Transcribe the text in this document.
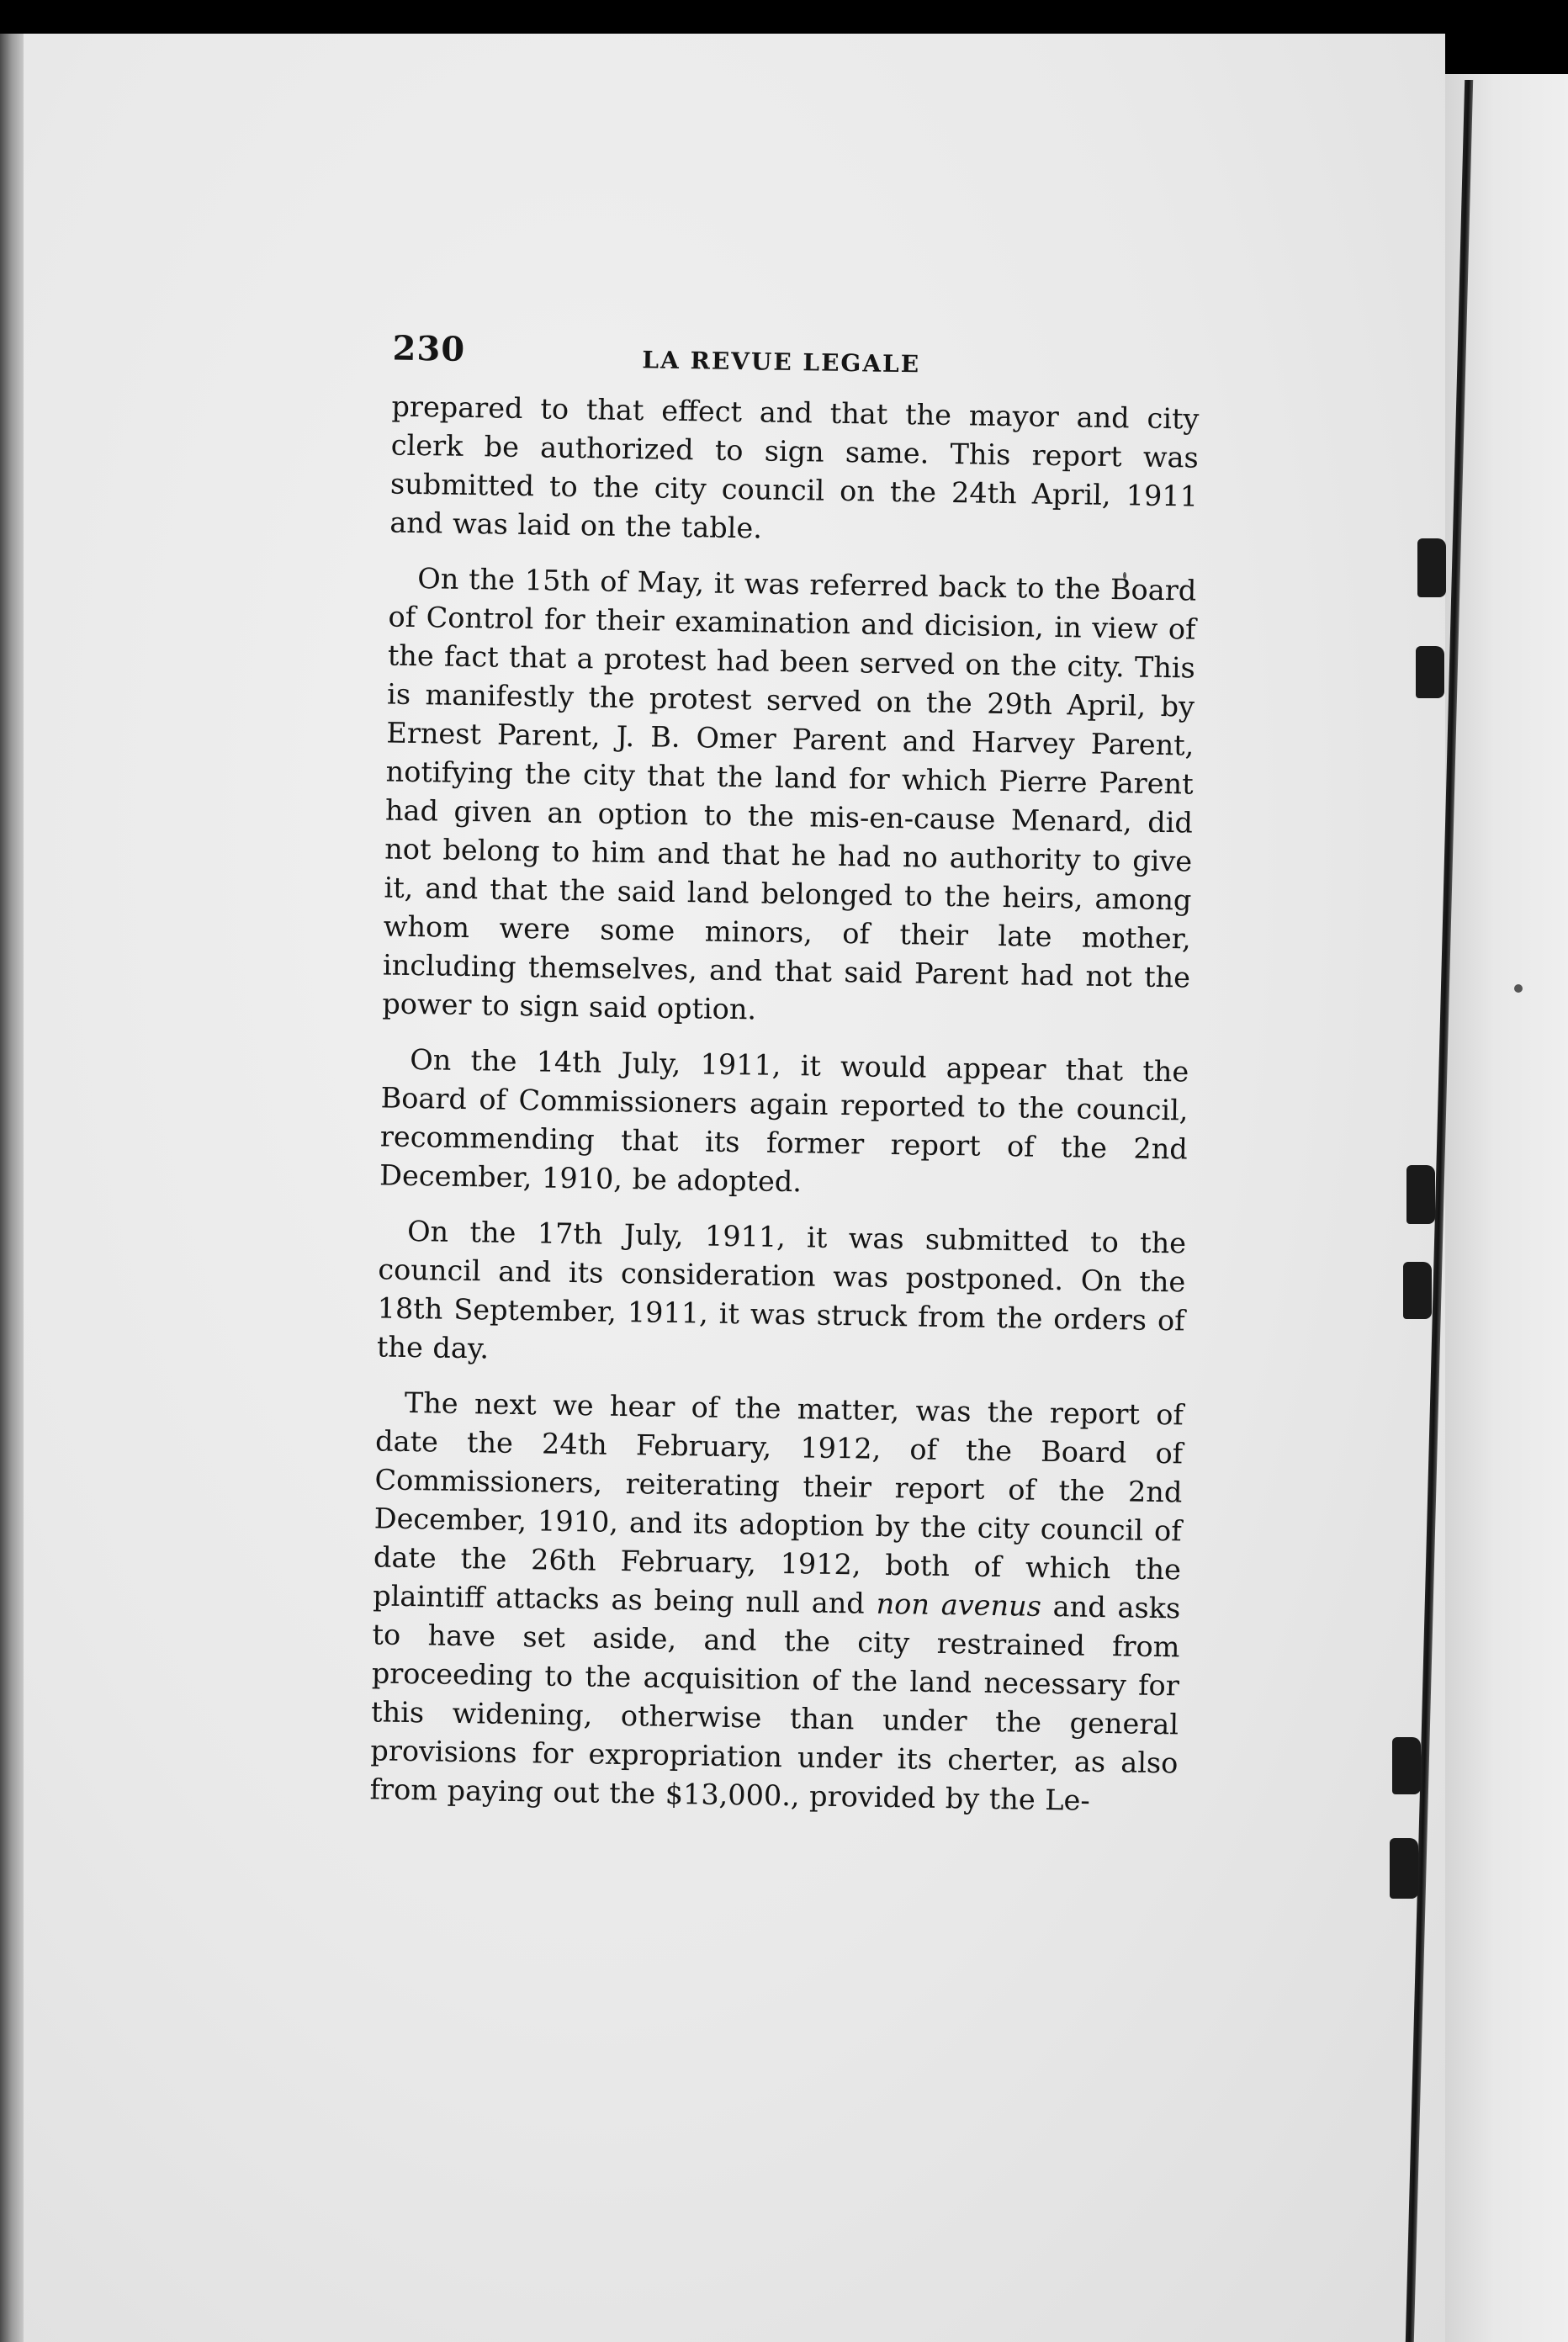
230	LA REVUE LEGALE

prepared to that effect and that the mayor and city clerk be authorized to sign same. This report was submitted to the city council on the 24th April, 1911 and was laid on the table.

On the 15th of May, it was referred back to the Board of Control for their examination and dicision, in view of the fact that a protest had been served on the city. This is manifestly the protest served on the 29th April, by Ernest Parent, J. B. Omer Parent and Harvey Parent, notifying the city that the land for which Pierre Parent had given an option to the mis-en-cause Menard, did not belong to him and that he had no authority to give it, and that the said land belonged to the heirs, among whom were some minors, of their late mother, including themselves, and that said Parent had not the power to sign said option.

On the 14th July, 1911, it would appear that the Board of Commissioners again reported to the council, recommending that its former report of the 2nd December, 1910, be adopted.

On the 17th July, 1911, it was submitted to the council and its consideration was postponed. On the 18th September, 1911, it was struck from the orders of the day.

The next we hear of the matter, was the report of date the 24th February, 1912, of the Board of Commissioners, reiterating their report of the 2nd December, 1910, and its adoption by the city council of date the 26th February, 1912, both of which the plaintiff attacks as being null and non avenus and asks to have set aside, and the city restrained from proceeding to the acquisition of the land necessary for this widening, otherwise than under the general provisions for expropriation under its cherter, as also from paying out the $13,000., provided by the Le-
